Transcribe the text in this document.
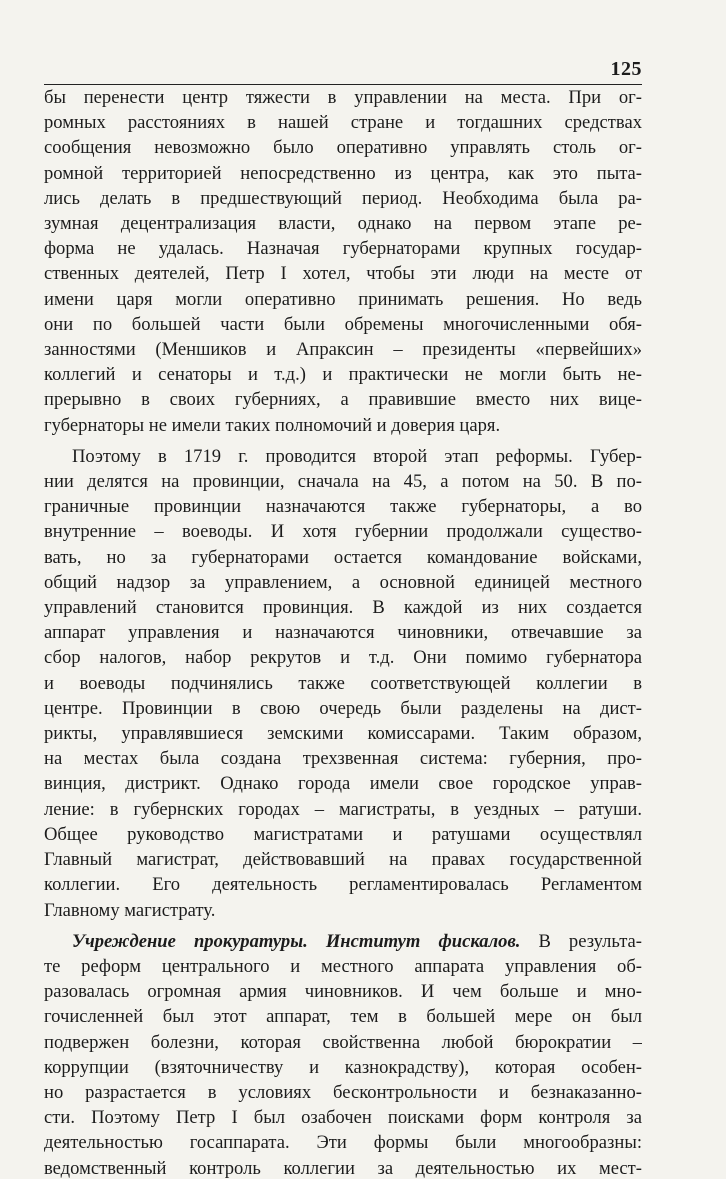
125
бы перенести центр тяжести в управлении на места. При ог-
ромных расстояниях в нашей стране и тогдашних средствах
сообщения невозможно было оперативно управлять столь ог-
ромной территорией непосредственно из центра, как это пыта-
лись делать в предшествующий период. Необходима была ра-
зумная децентрализация власти, однако на первом этапе ре-
форма не удалась. Назначая губернаторами крупных государ-
ственных деятелей, Петр I хотел, чтобы эти люди на месте от
имени царя могли оперативно принимать решения. Но ведь
они по большей части были обремены многочисленными обя-
занностями (Меншиков и Апраксин – президенты «первейших»
коллегий и сенаторы и т.д.) и практически не могли быть не-
прерывно в своих губерниях, а правившие вместо них вице-
губернаторы не имели таких полномочий и доверия царя.
Поэтому в 1719 г. проводится второй этап реформы. Губер-
нии делятся на провинции, сначала на 45, а потом на 50. В по-
граничные провинции назначаются также губернаторы, а во
внутренние – воеводы. И хотя губернии продолжали существо-
вать, но за губернаторами остается командование войсками,
общий надзор за управлением, а основной единицей местного
управлений становится провинция. В каждой из них создается
аппарат управления и назначаются чиновники, отвечавшие за
сбор налогов, набор рекрутов и т.д. Они помимо губернатора
и воеводы подчинялись также соответствующей коллегии в
центре. Провинции в свою очередь были разделены на дист-
рикты, управлявшиеся земскими комиссарами. Таким образом,
на местах была создана трехзвенная система: губерния, про-
винция, дистрикт. Однако города имели свое городское управ-
ление: в губернских городах – магистраты, в уездных – ратуши.
Общее руководство магистратами и ратушами осуществлял
Главный магистрат, действовавший на правах государственной
коллегии. Его деятельность регламентировалась Регламентом
Главному магистрату.
Учреждение прокуратуры. Институт фискалов. В результа-
те реформ центрального и местного аппарата управления об-
разовалась огромная армия чиновников. И чем больше и мно-
гочисленней был этот аппарат, тем в большей мере он был
подвержен болезни, которая свойственна любой бюрократии –
коррупции (взяточничеству и казнокрадству), которая особен-
но разрастается в условиях бесконтрольности и безнаказанно-
сти. Поэтому Петр I был озабочен поисками форм контроля за
деятельностью госаппарата. Эти формы были многообразны:
ведомственный контроль коллегии за деятельностью их мест-
